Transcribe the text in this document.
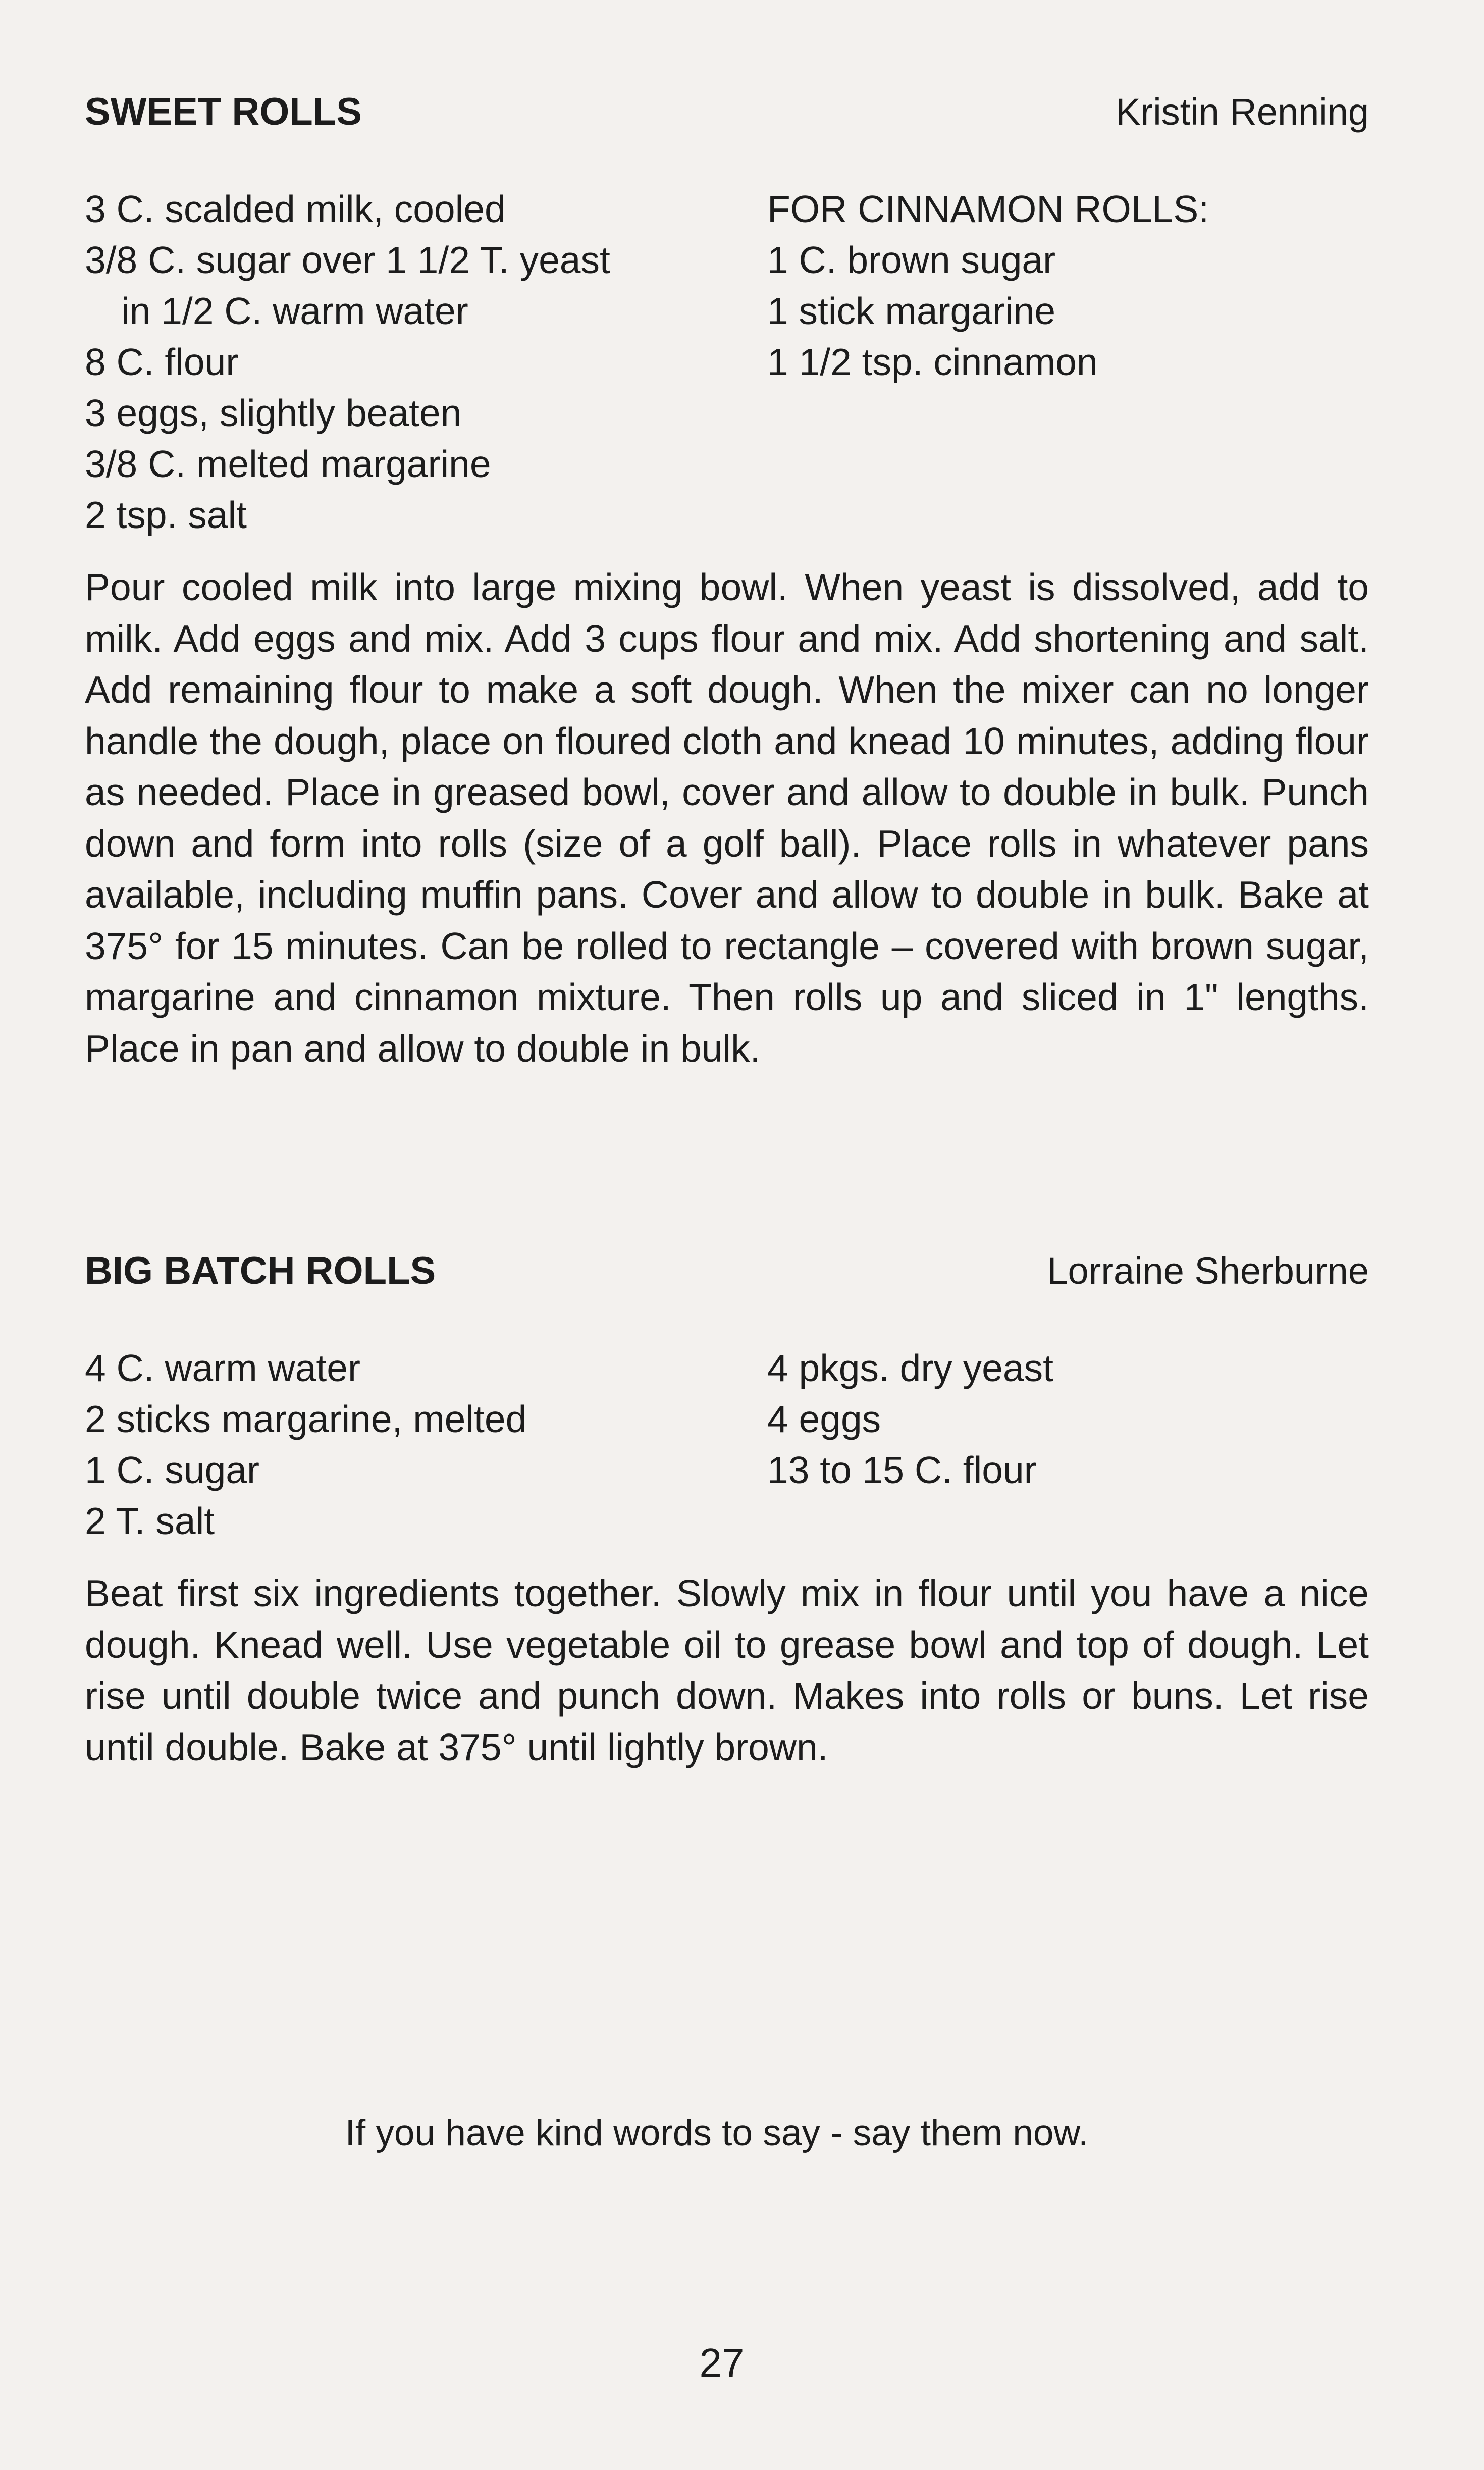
SWEET ROLLS	Kristin Renning
3 C. scalded milk, cooled
3/8 C. sugar over 1 1/2 T. yeast
in 1/2 C. warm water
8 C. flour
3 eggs, slightly beaten
3/8 C. melted margarine
2 tsp. salt
FOR CINNAMON ROLLS:
1 C. brown sugar
1 stick margarine
1 1/2 tsp. cinnamon

Pour cooled milk into large mixing bowl. When yeast is dissolved, add to milk. Add eggs and mix. Add 3 cups flour and mix. Add shortening and salt. Add remaining flour to make a soft dough. When the mixer can no longer handle the dough, place on floured cloth and knead 10 minutes, adding flour as needed. Place in greased bowl, cover and allow to double in bulk. Punch down and form into rolls (size of a golf ball). Place rolls in whatever pans available, including muffin pans. Cover and allow to double in bulk. Bake at 375° for 15 minutes. Can be rolled to rectangle – covered with brown sugar, margarine and cinnamon mixture. Then rolls up and sliced in 1" lengths. Place in pan and allow to double in bulk.

BIG BATCH ROLLS	Lorraine Sherburne
4 C. warm water
2 sticks margarine, melted
1 C. sugar
2 T. salt
4 pkgs. dry yeast
4 eggs
13 to 15 C. flour

Beat first six ingredients together. Slowly mix in flour until you have a nice dough. Knead well. Use vegetable oil to grease bowl and top of dough. Let rise until double twice and punch down. Makes into rolls or buns. Let rise until double. Bake at 375° until lightly brown.

If you have kind words to say - say them now.
27
